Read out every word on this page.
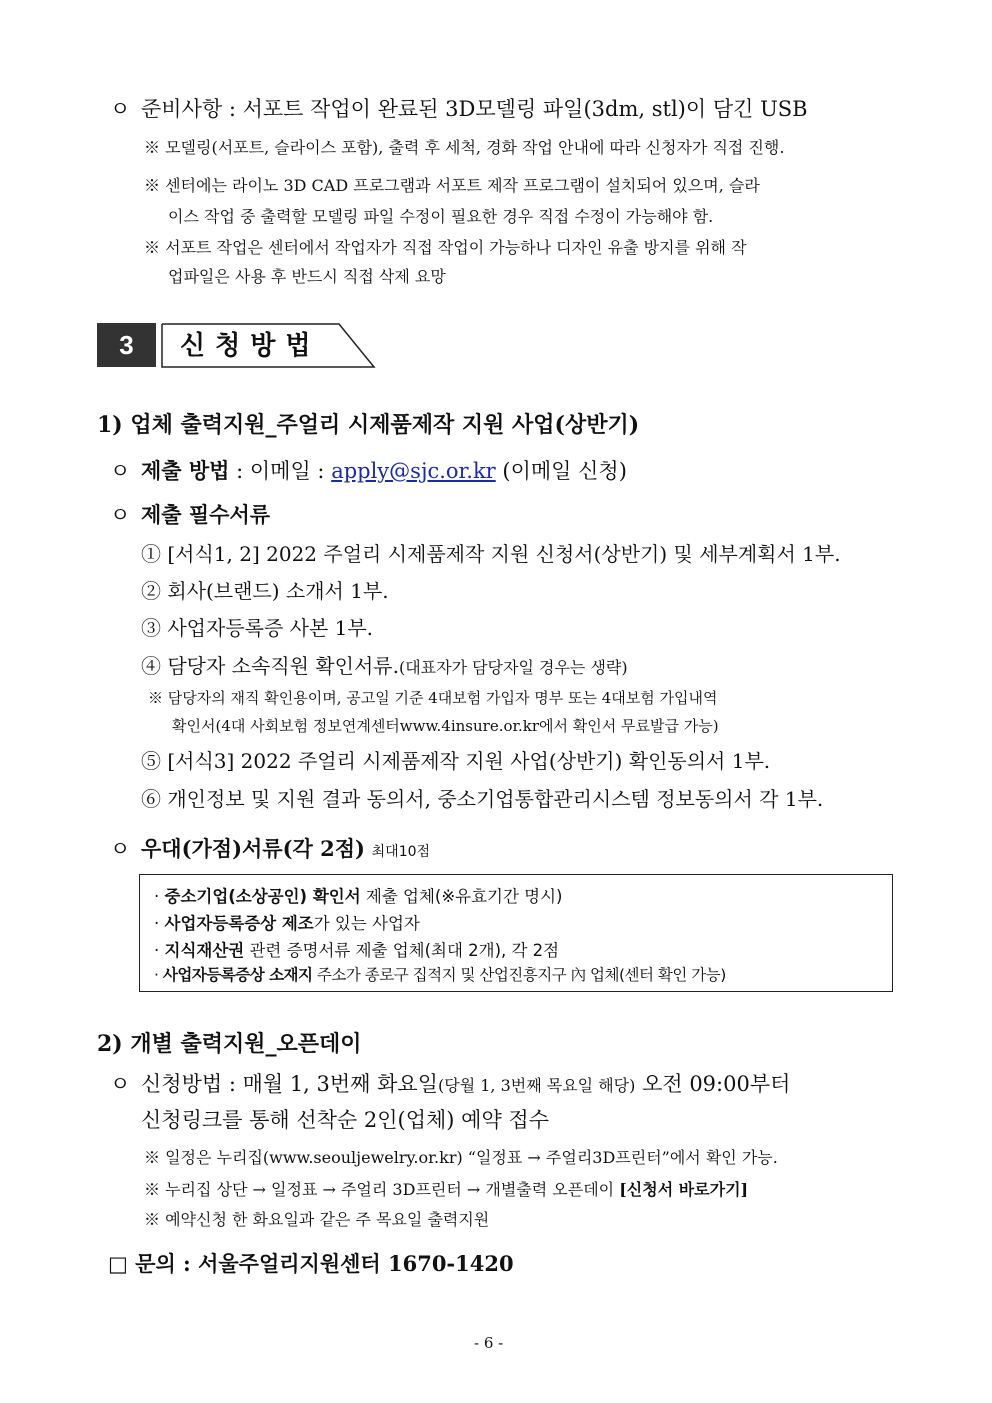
ㅇ 준비사항 : 서포트 작업이 완료된 3D모델링 파일(3dm, stl)이 담긴 USB
※ 모델링(서포트, 슬라이스 포함), 출력 후 세척, 경화 작업 안내에 따라 신청자가 직접 진행.
※ 센터에는 라이노 3D CAD 프로그램과 서포트 제작 프로그램이 설치되어 있으며, 슬라
이스 작업 중 출력할 모델링 파일 수정이 필요한 경우 직접 수정이 가능해야 함.
※ 서포트 작업은 센터에서 작업자가 직접 작업이 가능하나 디자인 유출 방지를 위해 작
업파일은 사용 후 반드시 직접 삭제 요망
3	신청방법
1) 업체 출력지원_주얼리 시제품제작 지원 사업(상반기)
ㅇ 제출 방법 : 이메일 : apply@sjc.or.kr (이메일 신청)
ㅇ 제출 필수서류
① [서식1, 2] 2022 주얼리 시제품제작 지원 신청서(상반기) 및 세부계획서 1부.
② 회사(브랜드) 소개서 1부.
③ 사업자등록증 사본 1부.
④ 담당자 소속직원 확인서류.(대표자가 담당자일 경우는 생략)
※ 담당자의 재직 확인용이며, 공고일 기준 4대보험 가입자 명부 또는 4대보험 가입내역
확인서(4대 사회보험 정보연계센터www.4insure.or.kr에서 확인서 무료발급 가능)
⑤ [서식3] 2022 주얼리 시제품제작 지원 사업(상반기) 확인동의서 1부.
⑥ 개인정보 및 지원 결과 동의서, 중소기업통합관리시스템 정보동의서 각 1부.
ㅇ 우대(가점)서류(각 2점) 최대10점
· 중소기업(소상공인) 확인서 제출 업체(※유효기간 명시)
· 사업자등록증상 제조가 있는 사업자
· 지식재산권 관련 증명서류 제출 업체(최대 2개), 각 2점
· 사업자등록증상 소재지 주소가 종로구 집적지 및 산업진흥지구 內 업체(센터 확인 가능)
2) 개별 출력지원_오픈데이
ㅇ 신청방법 : 매월 1, 3번째 화요일(당월 1, 3번째 목요일 해당) 오전 09:00부터
신청링크를 통해 선착순 2인(업체) 예약 접수
※ 일정은 누리집(www.seouljewelry.or.kr) “일정표 → 주얼리3D프린터”에서 확인 가능.
※ 누리집 상단 → 일정표 → 주얼리 3D프린터 → 개별출력 오픈데이 [신청서 바로가기]
※ 예약신청 한 화요일과 같은 주 목요일 출력지원
□ 문의 : 서울주얼리지원센터 1670-1420
- 6 -
